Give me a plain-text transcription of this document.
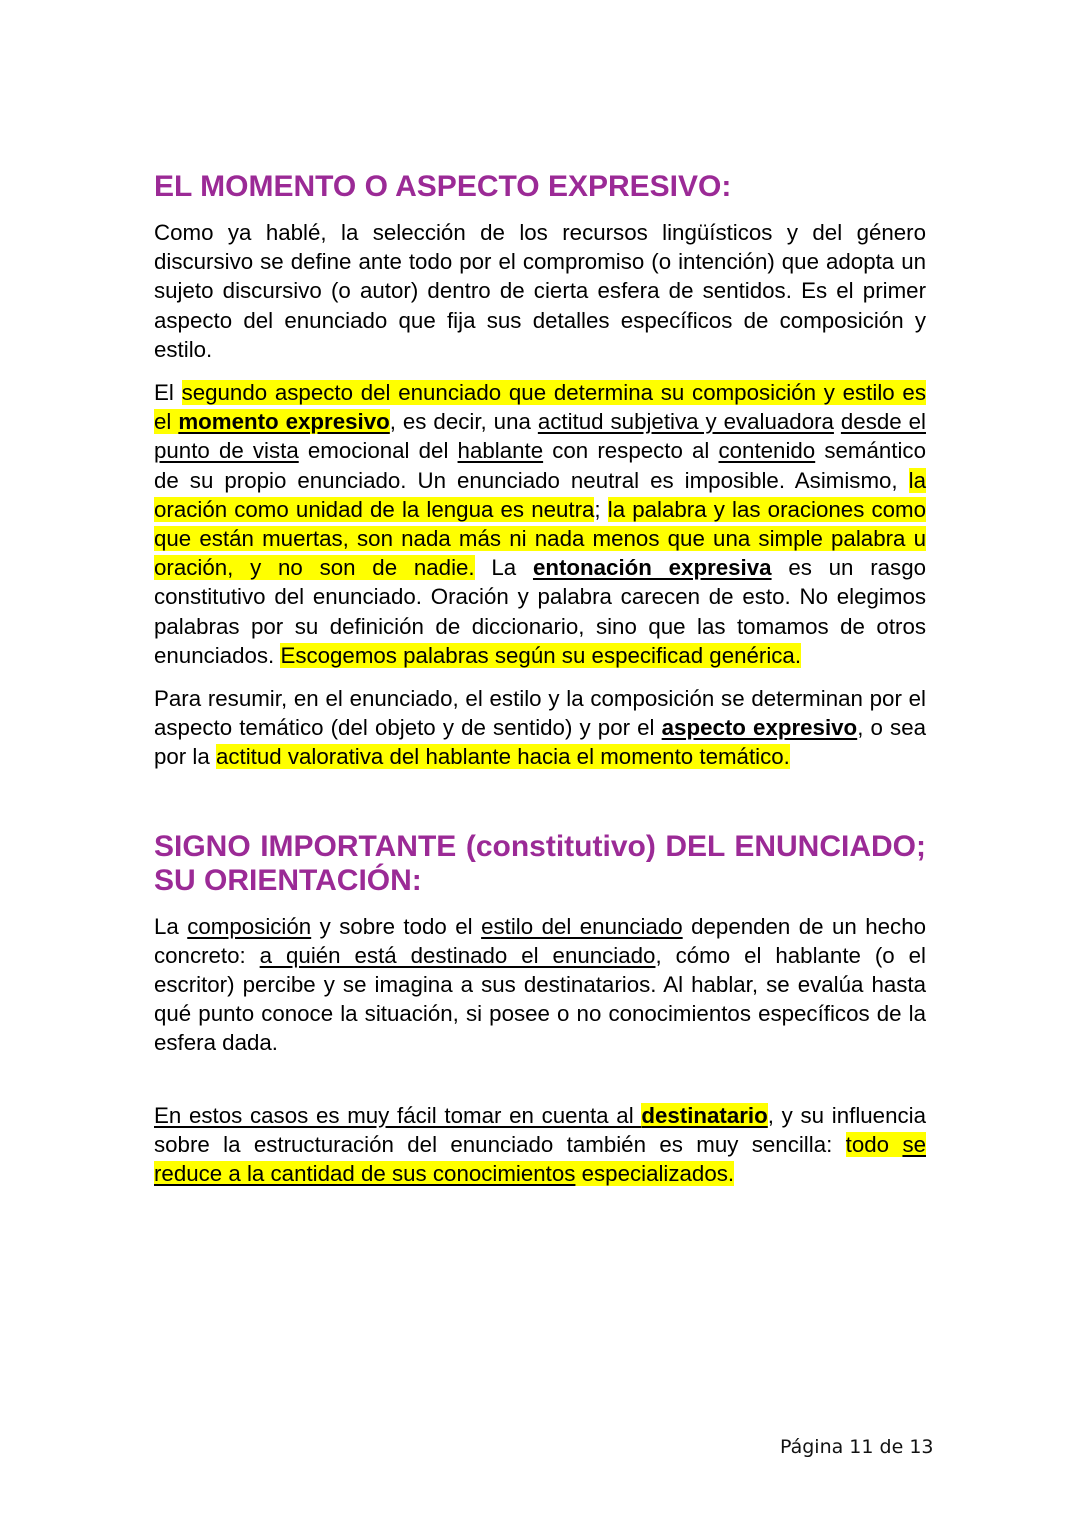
EL MOMENTO O ASPECTO EXPRESIVO:

Como ya hablé, la selección de los recursos lingüísticos y del género discursivo se define ante todo por el compromiso (o intención) que adopta un sujeto discursivo (o autor) dentro de cierta esfera de sentidos. Es el primer aspecto del enunciado que fija sus detalles específicos de composición y estilo.

El segundo aspecto del enunciado que determina su composición y estilo es el momento expresivo, es decir, una actitud subjetiva y evaluadora desde el punto de vista emocional del hablante con respecto al contenido semántico de su propio enunciado. Un enunciado neutral es imposible. Asimismo, la oración como unidad de la lengua es neutra; la palabra y las oraciones como que están muertas, son nada más ni nada menos que una simple palabra u oración, y no son de nadie. La entonación expresiva es un rasgo constitutivo del enunciado. Oración y palabra carecen de esto. No elegimos palabras por su definición de diccionario, sino que las tomamos de otros enunciados. Escogemos palabras según su especificad genérica.

Para resumir, en el enunciado, el estilo y la composición se determinan por el aspecto temático (del objeto y de sentido) y por el aspecto expresivo, o sea por la actitud valorativa del hablante hacia el momento temático.

SIGNO IMPORTANTE (constitutivo) DEL ENUNCIADO; SU ORIENTACIÓN:

La composición y sobre todo el estilo del enunciado dependen de un hecho concreto: a quién está destinado el enunciado, cómo el hablante (o el escritor) percibe y se imagina a sus destinatarios. Al hablar, se evalúa hasta qué punto conoce la situación, si posee o no conocimientos específicos de la esfera dada.

En estos casos es muy fácil tomar en cuenta al destinatario, y su influencia sobre la estructuración del enunciado también es muy sencilla: todo se reduce a la cantidad de sus conocimientos especializados.

Página 11 de 13
